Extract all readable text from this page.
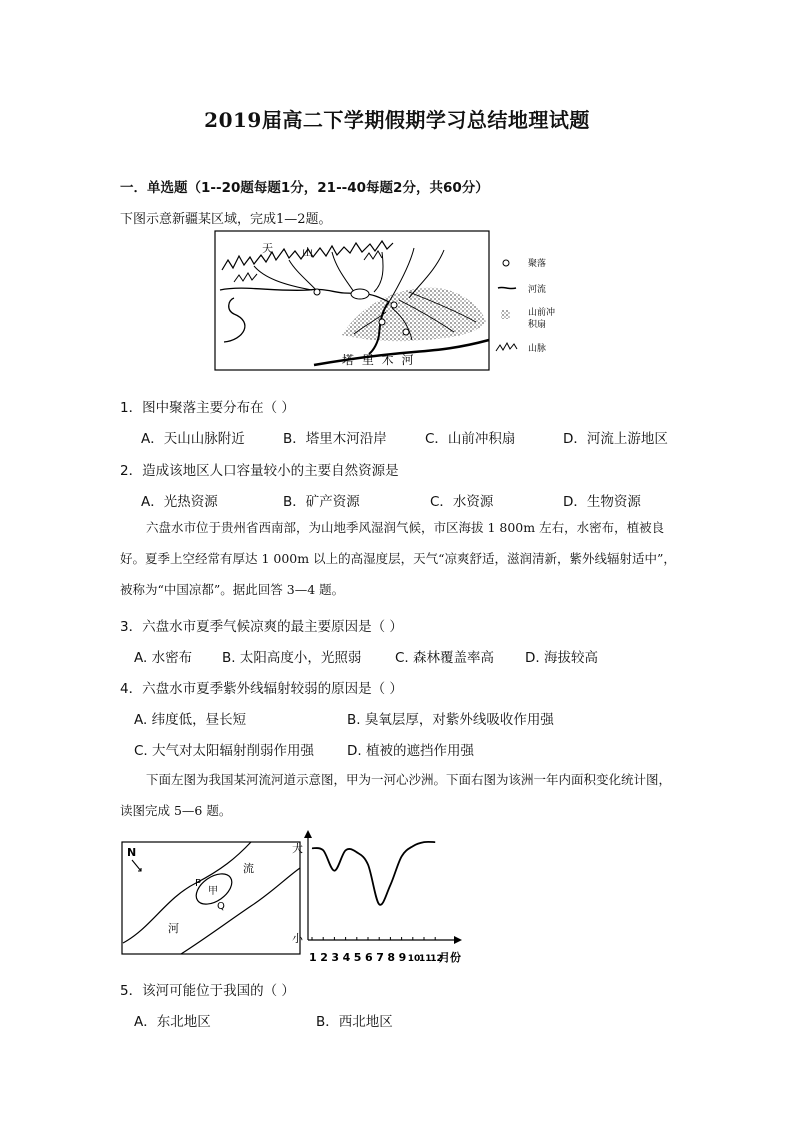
2019届高二下学期假期学习总结地理试题
一．单选题（1--20题每题1分，21--40每题2分，共60分）
下图示意新疆某区域，完成1—2题。
天	山
塔 里 木 河
聚落
河流
山前冲
积扇
山脉
1．图中聚落主要分布在（ ）
A．天山山脉附近	B．塔里木河沿岸	C．山前冲积扇	D．河流上游地区
2．造成该地区人口容量较小的主要自然资源是
A．光热资源	B．矿产资源	C．水资源	D．生物资源
六盘水市位于贵州省西南部，为山地季风湿润气候，市区海拔 1 800m 左右，水密布，植被良好。夏季上空经常有厚达 1 000m 以上的高湿度层，天气“凉爽舒适，滋润清新，紫外线辐射适中”，被称为“中国凉都”。据此回答 3—4 题。
3．六盘水市夏季气候凉爽的最主要原因是（ ）
A. 水密布 B. 太阳高度小，光照弱 C. 森林覆盖率高 D. 海拔较高
4．六盘水市夏季紫外线辐射较弱的原因是（ ）
A. 纬度低，昼长短	B. 臭氧层厚，对紫外线吸收作用强
C. 大气对太阳辐射削弱作用强 D. 植被的遮挡作用强
下面左图为我国某河流河道示意图，甲为一河心沙洲。下面右图为该洲一年内面积变化统计图，读图完成 5—6 题。
N
流
河
甲
P
Q
大
小
1 2 3 4 5 6 7 8 9 10
11
12
月份
5．该河可能位于我国的（ ）
A．东北地区	B．西北地区
